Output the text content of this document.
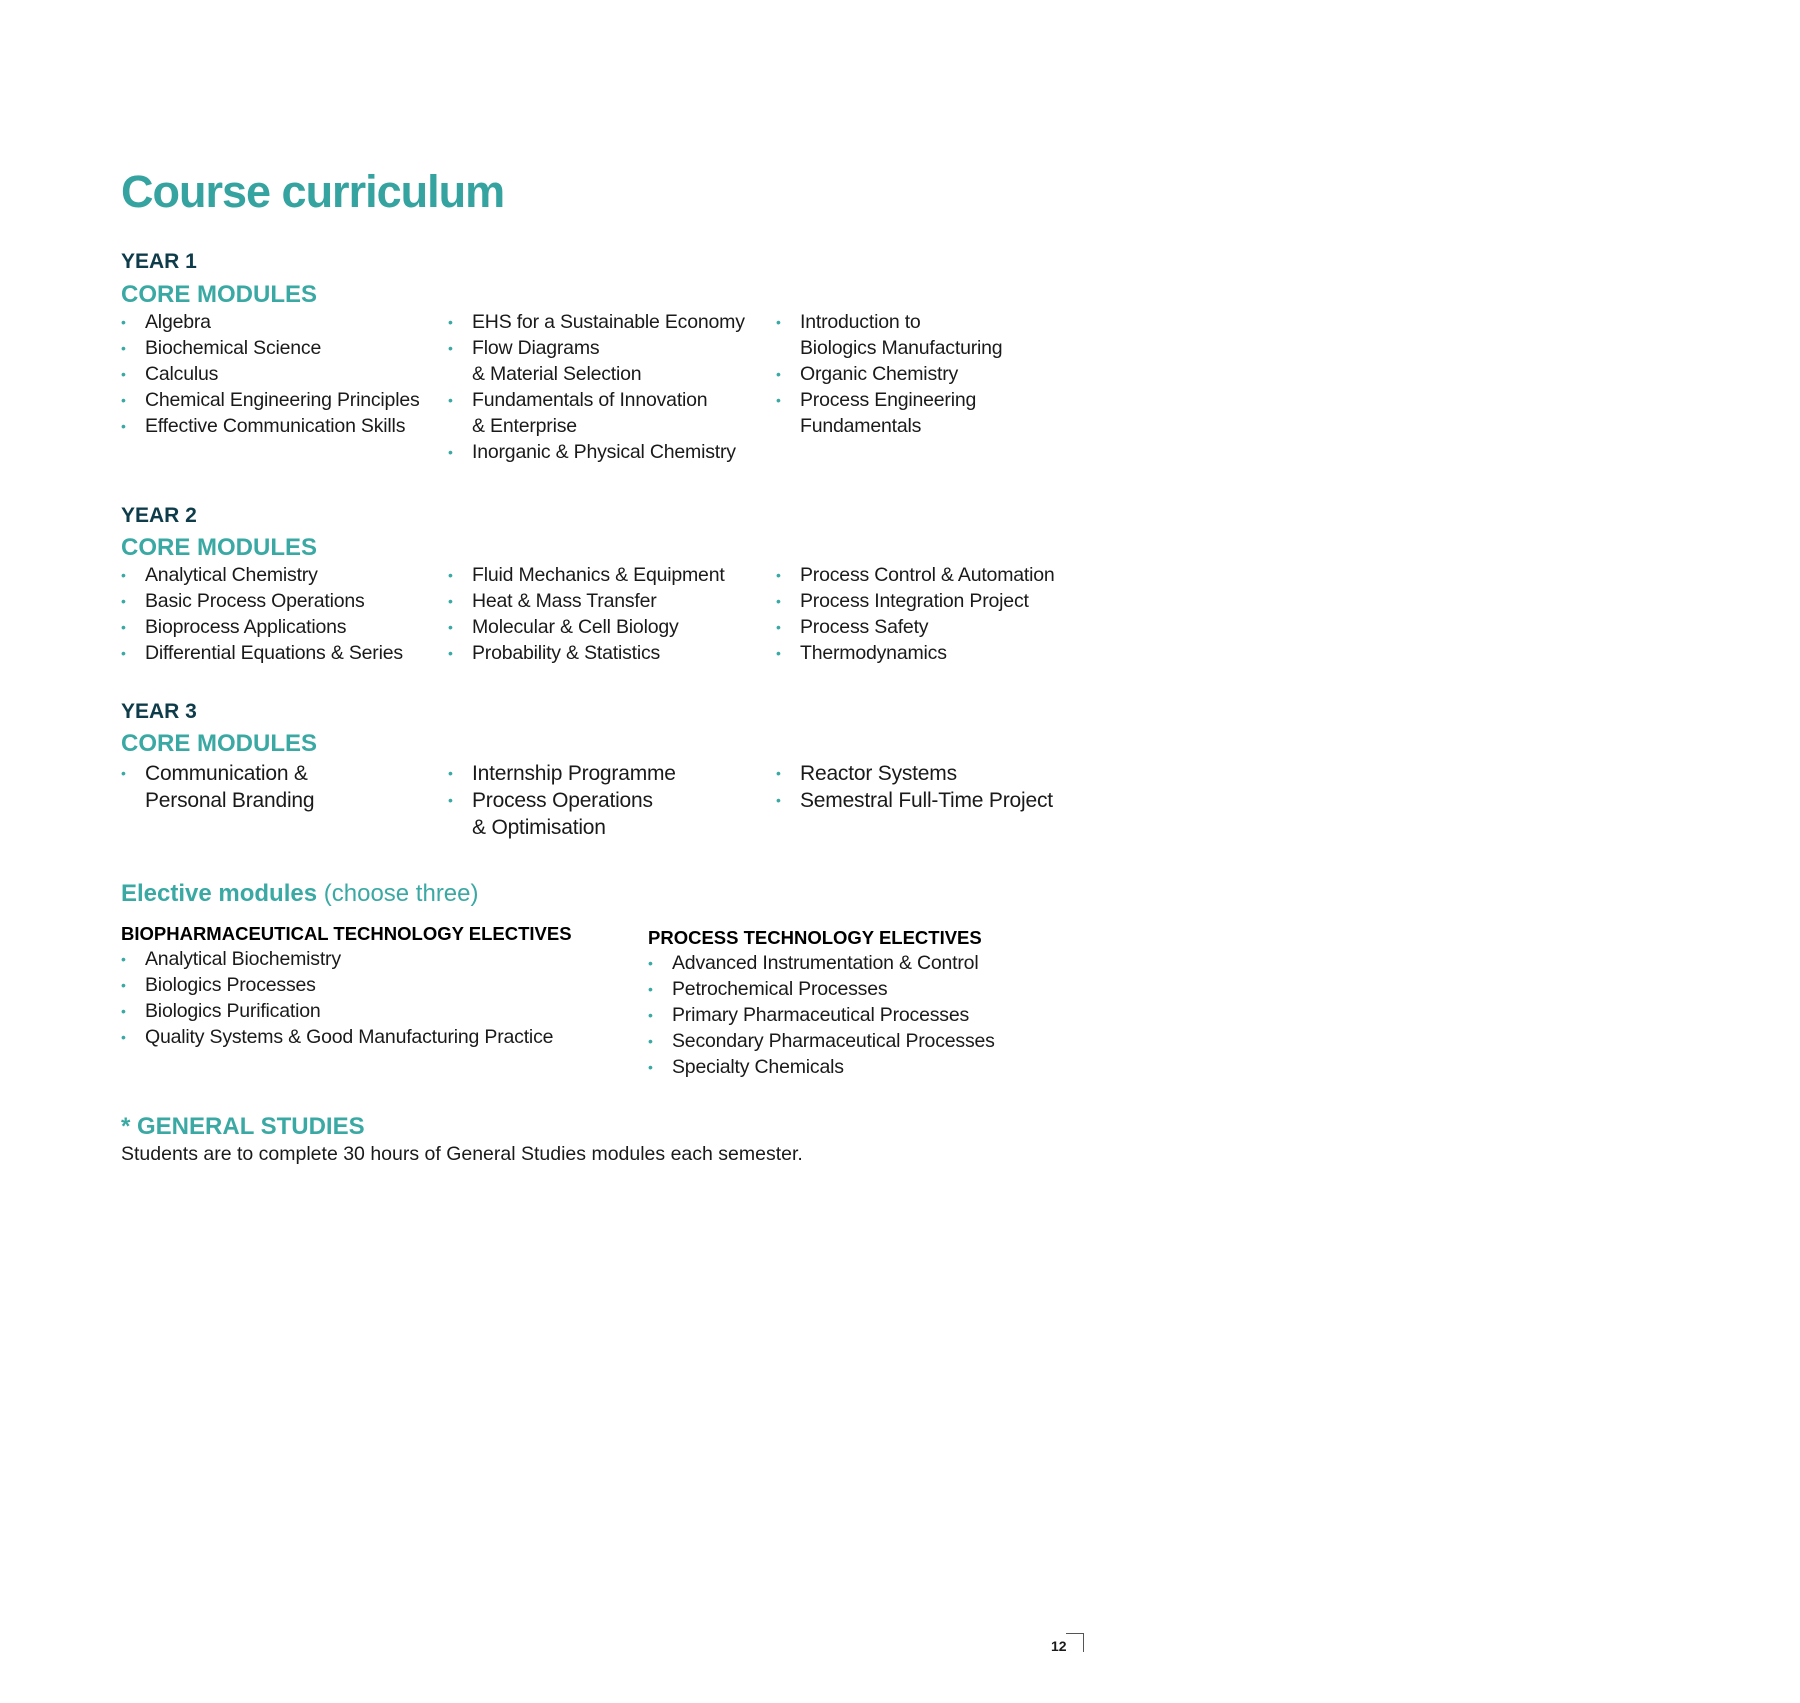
Course curriculum
YEAR 1
CORE MODULES
• Algebra
• Biochemical Science
• Calculus
• Chemical Engineering Principles
• Effective Communication Skills
• EHS for a Sustainable Economy
• Flow Diagrams
& Material Selection
• Fundamentals of Innovation
& Enterprise
• Inorganic & Physical Chemistry
• Introduction to
Biologics Manufacturing
• Organic Chemistry
• Process Engineering
Fundamentals
YEAR 2
CORE MODULES
• Analytical Chemistry
• Basic Process Operations
• Bioprocess Applications
• Differential Equations & Series
• Fluid Mechanics & Equipment
• Heat & Mass Transfer
• Molecular & Cell Biology
• Probability & Statistics
• Process Control & Automation
• Process Integration Project
• Process Safety
• Thermodynamics
YEAR 3
CORE MODULES
• Communication &
Personal Branding
• Internship Programme
• Process Operations
& Optimisation
• Reactor Systems
• Semestral Full-Time Project
Elective modules (choose three)
BIOPHARMACEUTICAL TECHNOLOGY ELECTIVES
• Analytical Biochemistry
• Biologics Processes
• Biologics Purification
• Quality Systems & Good Manufacturing Practice
PROCESS TECHNOLOGY ELECTIVES
• Advanced Instrumentation & Control
• Petrochemical Processes
• Primary Pharmaceutical Processes
• Secondary Pharmaceutical Processes
• Specialty Chemicals
* GENERAL STUDIES
Students are to complete 30 hours of General Studies modules each semester.
12
